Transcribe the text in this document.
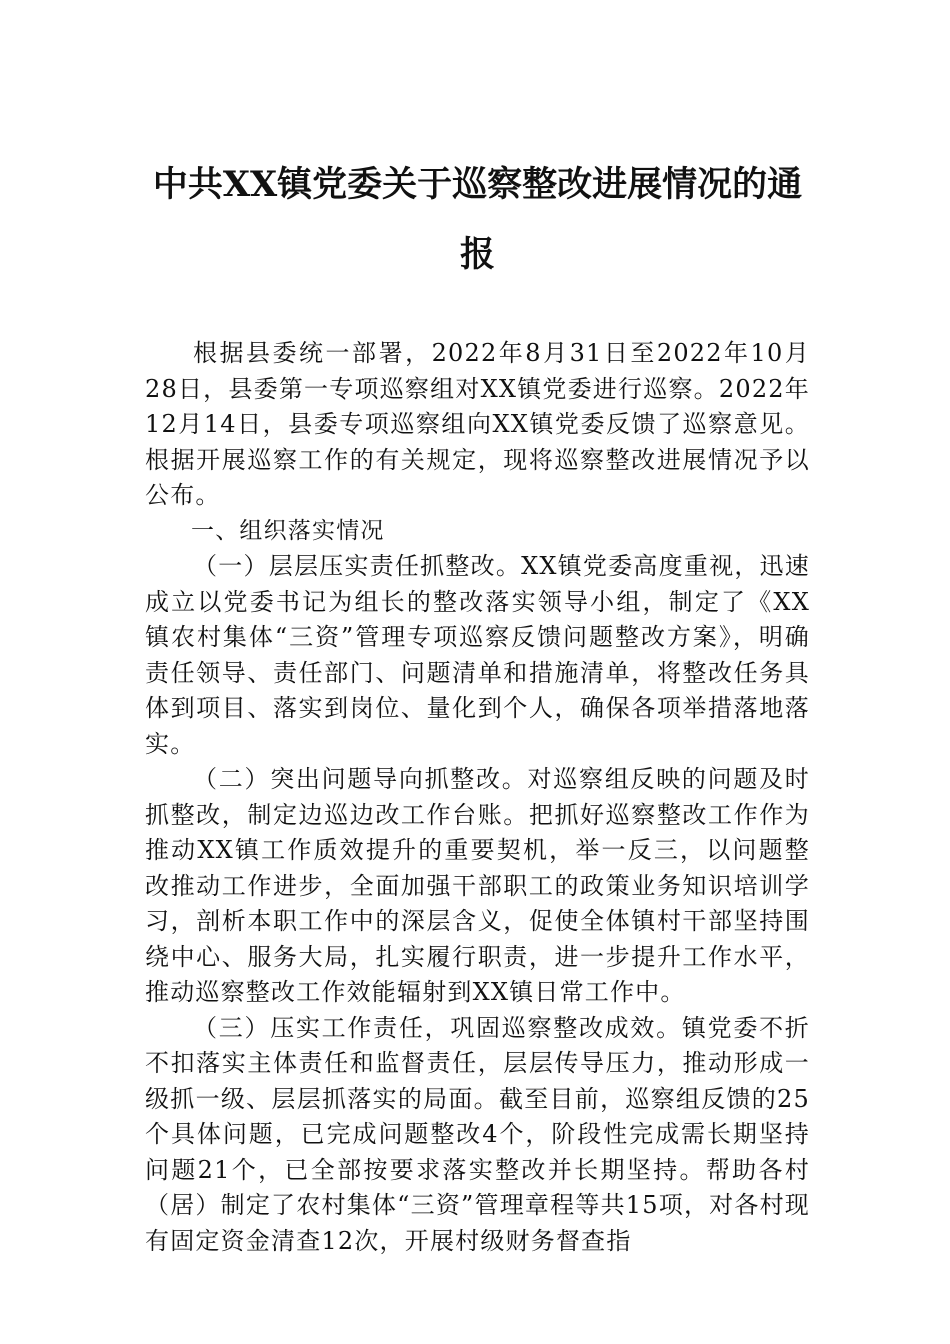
中共XX镇党委关于巡察整改进展情况的通报

根据县委统一部署，2022年8月31日至2022年10月28日，县委第一专项巡察组对XX镇党委进行巡察。2022年12月14日，县委专项巡察组向XX镇党委反馈了巡察意见。根据开展巡察工作的有关规定，现将巡察整改进展情况予以公布。

一、组织落实情况

（一）层层压实责任抓整改。XX镇党委高度重视，迅速成立以党委书记为组长的整改落实领导小组，制定了《XX镇农村集体“三资”管理专项巡察反馈问题整改方案》，明确责任领导、责任部门、问题清单和措施清单，将整改任务具体到项目、落实到岗位、量化到个人，确保各项举措落地落实。

（二）突出问题导向抓整改。对巡察组反映的问题及时抓整改，制定边巡边改工作台账。把抓好巡察整改工作作为推动XX镇工作质效提升的重要契机，举一反三，以问题整改推动工作进步，全面加强干部职工的政策业务知识培训学习，剖析本职工作中的深层含义，促使全体镇村干部坚持围绕中心、服务大局，扎实履行职责，进一步提升工作水平，推动巡察整改工作效能辐射到XX镇日常工作中。

（三）压实工作责任，巩固巡察整改成效。镇党委不折不扣落实主体责任和监督责任，层层传导压力，推动形成一级抓一级、层层抓落实的局面。截至目前，巡察组反馈的25个具体问题，已完成问题整改4个，阶段性完成需长期坚持问题21个，已全部按要求落实整改并长期坚持。帮助各村（居）制定了农村集体“三资”管理章程等共15项，对各村现有固定资金清查12次，开展村级财务督查指
